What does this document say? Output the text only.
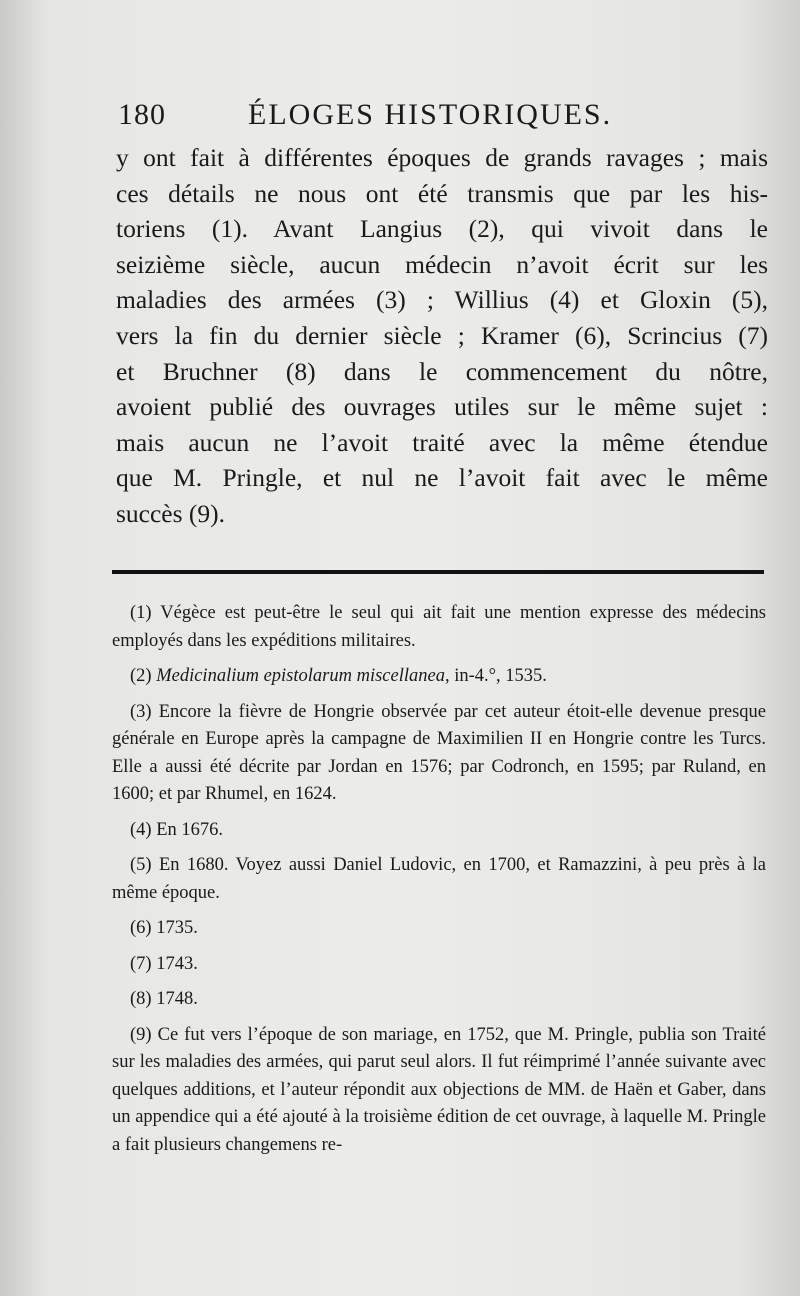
180	ÉLOGES HISTORIQUES.

y ont fait à différentes époques de grands ravages ; mais

ces détails ne nous ont été transmis que par les his-

toriens (1). Avant Langius (2), qui vivoit dans le

seizième siècle, aucun médecin n’avoit écrit sur les

maladies des armées (3) ; Willius (4) et Gloxin (5),

vers la fin du dernier siècle ; Kramer (6), Scrincius (7)

et Bruchner (8) dans le commencement du nôtre,

avoient publié des ouvrages utiles sur le même sujet :

mais aucun ne l’avoit traité avec la même étendue

que M. Pringle, et nul ne l’avoit fait avec le même

succès (9).

(1) Végèce est peut-être le seul qui ait fait une mention expresse des médecins employés dans les expéditions militaires.

(2) Medicinalium epistolarum miscellanea, in-4.°, 1535.

(3) Encore la fièvre de Hongrie observée par cet auteur étoit-elle devenue presque générale en Europe après la campagne de Maximilien II en Hongrie contre les Turcs. Elle a aussi été décrite par Jordan en 1576; par Codronch, en 1595; par Ruland, en 1600; et par Rhumel, en 1624.

(4) En 1676.

(5) En 1680. Voyez aussi Daniel Ludovic, en 1700, et Ramazzini, à peu près à la même époque.

(6) 1735.

(7) 1743.

(8) 1748.

(9) Ce fut vers l’époque de son mariage, en 1752, que M. Pringle, publia son Traité sur les maladies des armées, qui parut seul alors. Il fut réimprimé l’année suivante avec quelques additions, et l’auteur répondit aux objections de MM. de Haën et Gaber, dans un appendice qui a été ajouté à la troisième édition de cet ouvrage, à laquelle M. Pringle a fait plusieurs changemens re-
